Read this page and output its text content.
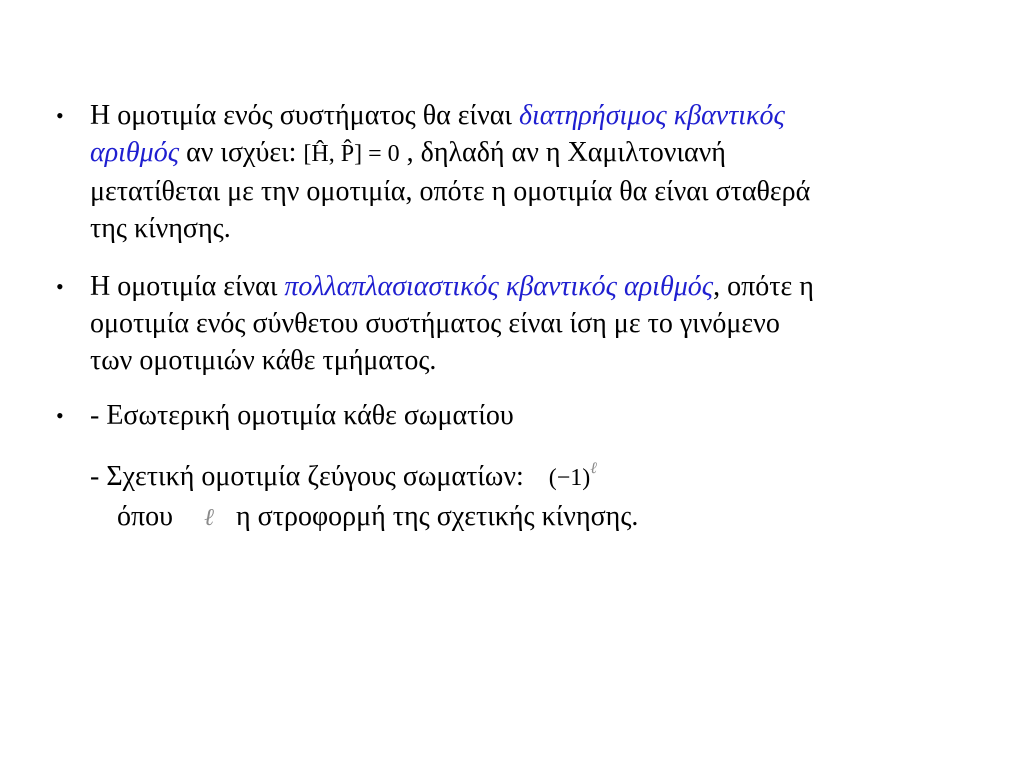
• Η ομοτιμία ενός συστήματος θα είναι διατηρήσιμος κβαντικός
αριθμός αν ισχύει: [Ĥ, P̂] = 0 , δηλαδή αν η Χαμιλτονιανή
μετατίθεται με την ομοτιμία, οπότε η ομοτιμία θα είναι σταθερά
της κίνησης.
• Η ομοτιμία είναι πολλαπλασιαστικός κβαντικός αριθμός, οπότε η
ομοτιμία ενός σύνθετου συστήματος είναι ίση με το γινόμενο
των ομοτιμιών κάθε τμήματος.
• - Εσωτερική ομοτιμία κάθε σωματίου
- Σχετική ομοτιμία ζεύγους σωματίων: $(-1)^\ell$
όπου ℓ η στροφορμή της σχετικής κίνησης.
